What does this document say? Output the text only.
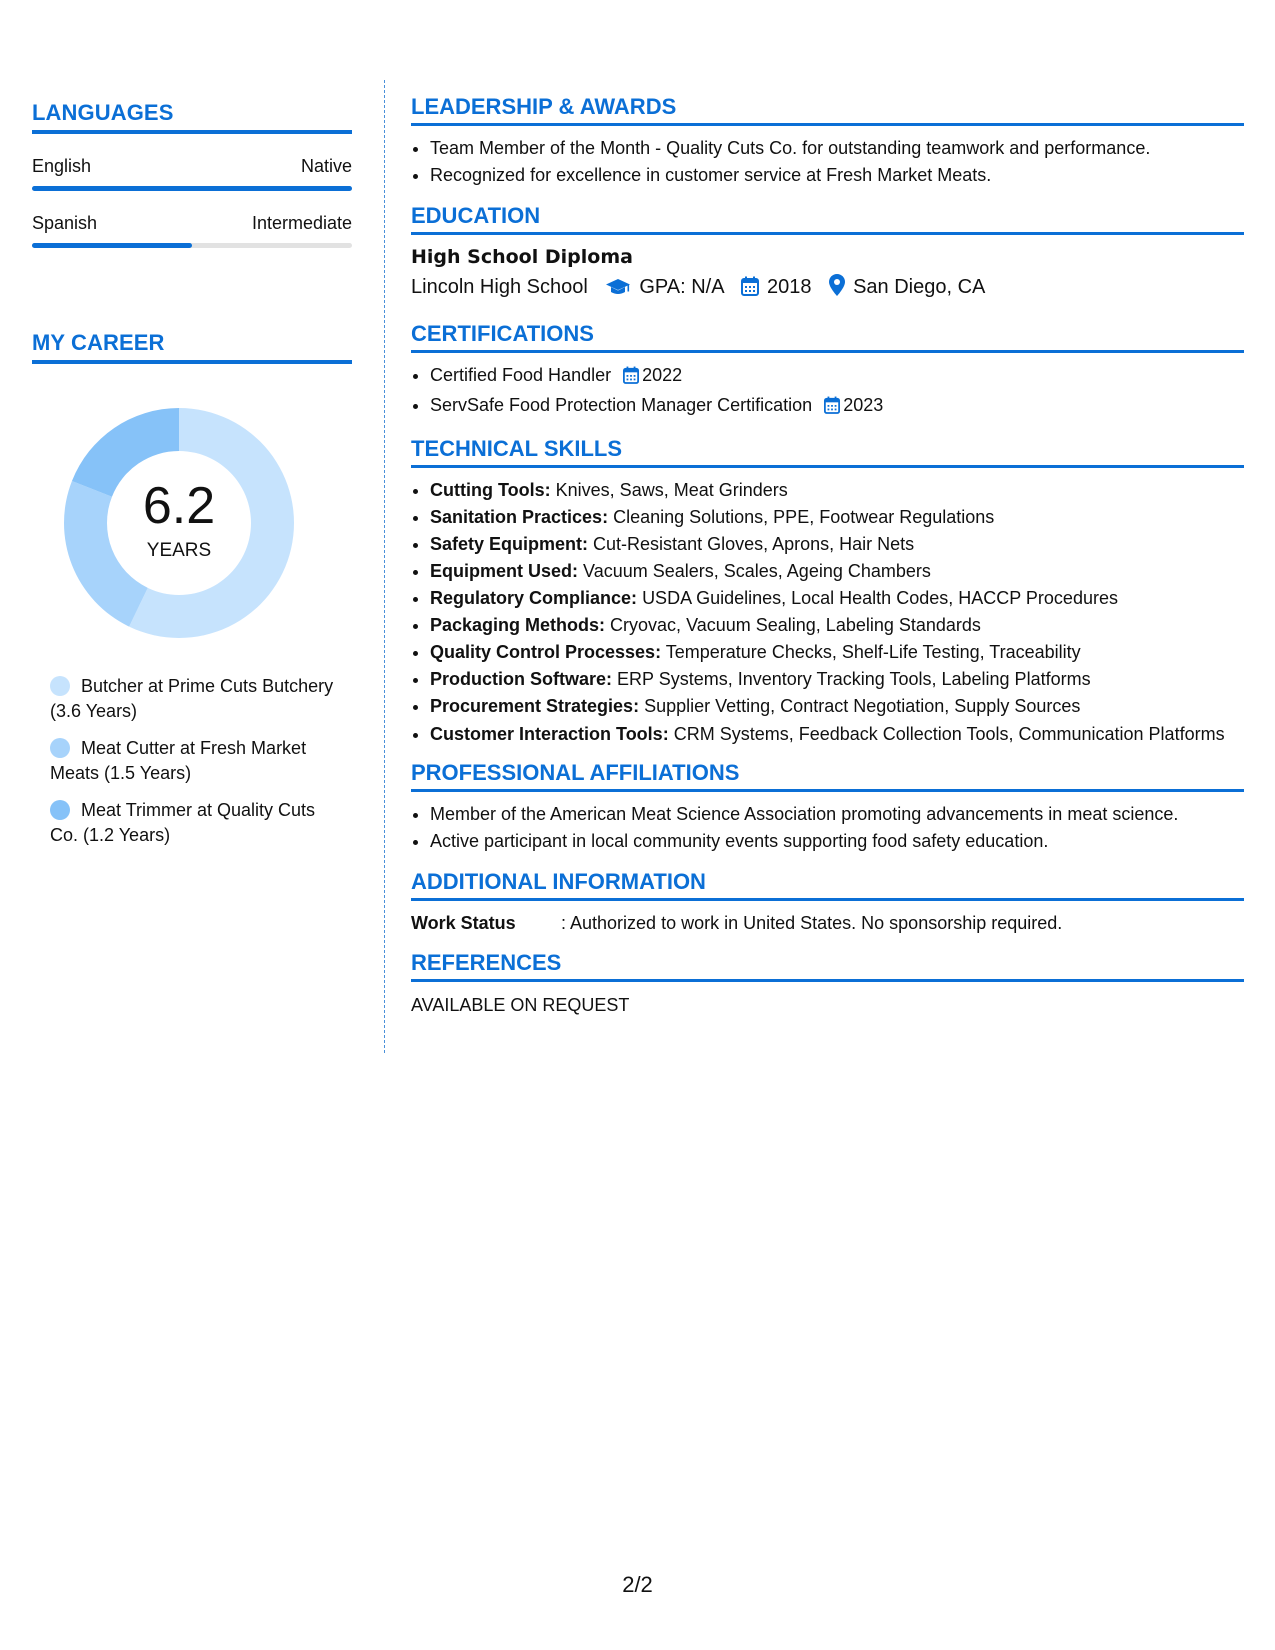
LANGUAGES
English	Native
Spanish	Intermediate
MY CAREER
6.2
YEARS
Butcher at Prime Cuts Butchery (3.6 Years)
Meat Cutter at Fresh Market Meats (1.5 Years)
Meat Trimmer at Quality Cuts Co. (1.2 Years)
LEADERSHIP & AWARDS
• Team Member of the Month - Quality Cuts Co. for outstanding teamwork and performance.
• Recognized for excellence in customer service at Fresh Market Meats.
EDUCATION
High School Diploma
Lincoln High School	GPA: N/A 2018 San Diego, CA
CERTIFICATIONS
• Certified Food Handler 2022
• ServSafe Food Protection Manager Certification 2023
TECHNICAL SKILLS
• Cutting Tools: Knives, Saws, Meat Grinders
• Sanitation Practices: Cleaning Solutions, PPE, Footwear Regulations
• Safety Equipment: Cut-Resistant Gloves, Aprons, Hair Nets
• Equipment Used: Vacuum Sealers, Scales, Ageing Chambers
• Regulatory Compliance: USDA Guidelines, Local Health Codes, HACCP Procedures
• Packaging Methods: Cryovac, Vacuum Sealing, Labeling Standards
• Quality Control Processes: Temperature Checks, Shelf-Life Testing, Traceability
• Production Software: ERP Systems, Inventory Tracking Tools, Labeling Platforms
• Procurement Strategies: Supplier Vetting, Contract Negotiation, Supply Sources
• Customer Interaction Tools: CRM Systems, Feedback Collection Tools, Communication Platforms
PROFESSIONAL AFFILIATIONS
• Member of the American Meat Science Association promoting advancements in meat science.
• Active participant in local community events supporting food safety education.
ADDITIONAL INFORMATION
Work Status	: Authorized to work in United States. No sponsorship required.
REFERENCES
AVAILABLE ON REQUEST
2/2
